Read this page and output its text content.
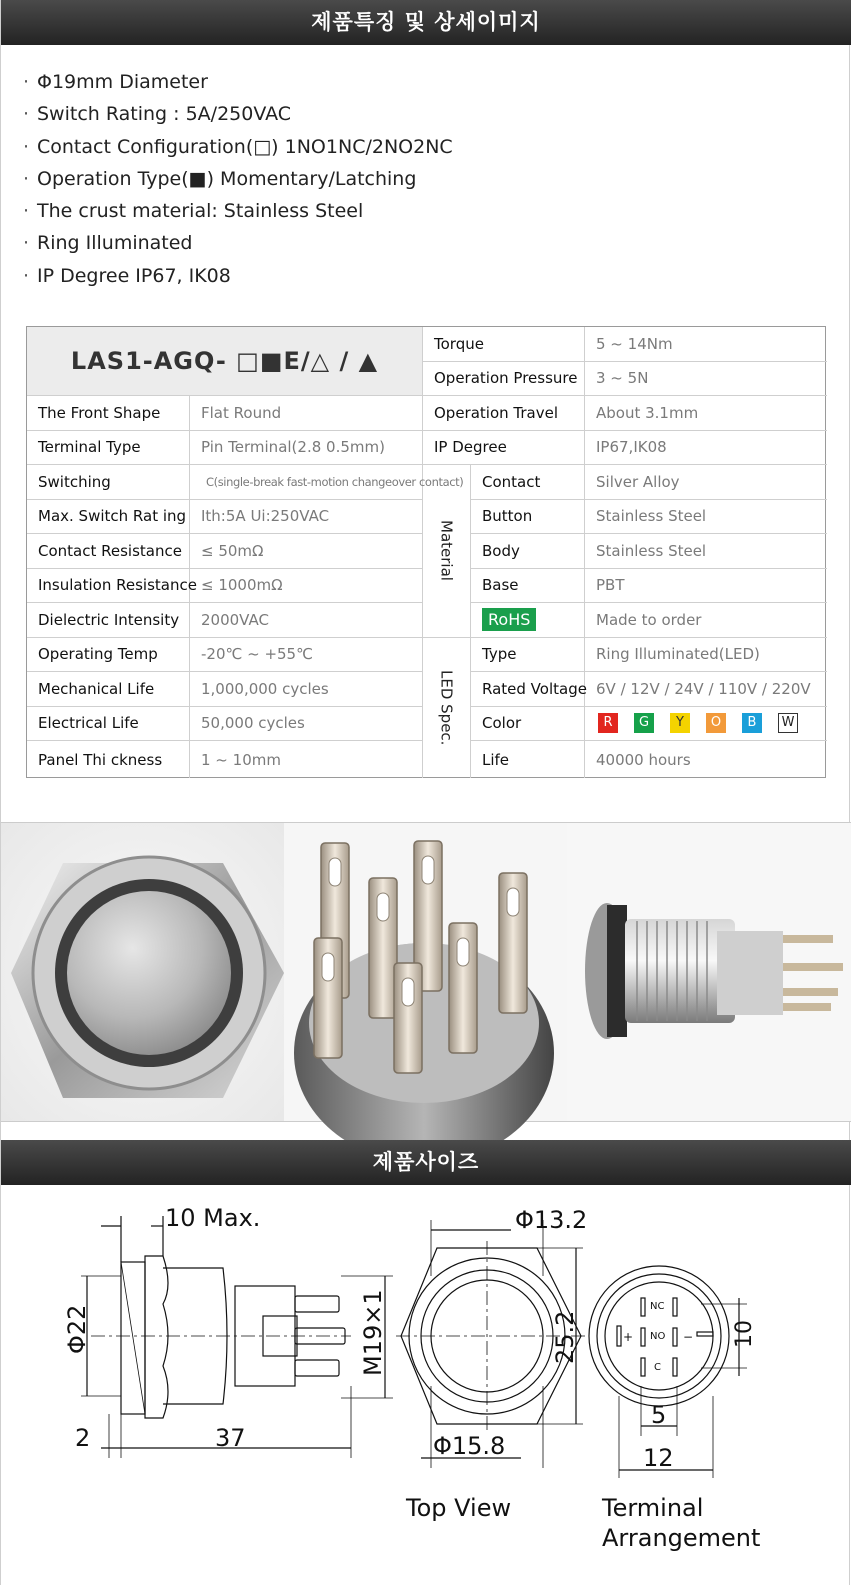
제품특징 및 상세이미지
· Φ19mm Diameter
· Switch Rating : 5A/250VAC
· Contact Configuration(□) 1NO1NC/2NO2NC
· Operation Type(■) Momentary/Latching
· The crust material: Stainless Steel
· Ring Illuminated
· IP Degree IP67, IK08
LAS1-AGQ- □■E/△ / ▲
Torque	5 ~ 14Nm
Operation Pressure	3 ~ 5N
Operation Travel	About 3.1mm
IP Degree	IP67,IK08
The Front Shape	Flat Round
Terminal Type	Pin Terminal(2.8 0.5mm)
Switching	C(single-break fast-motion changeover contact)
Max. Switch Rat ing Ith:5A Ui:250VAC
Contact Resistance	≤ 50mΩ
Insulation Resistance ≤ 1000mΩ
Dielectric Intensity	2000VAC
Operating Temp	-20℃ ~ +55℃
Mechanical Life	1,000,000 cycles
Electrical Life	50,000 cycles
Panel Thi ckness	1 ~ 10mm
Material
Contact	Silver Alloy
Button	Stainless Steel
Body	Stainless Steel
Base	PBT
RoHS	Made to order
LED Spec.
Type	Ring Illuminated(LED)
Rated Voltage 6V / 12V / 24V / 110V / 220V
Color	R	G	Y	O	B	W
Life	40000 hours
제품사이즈
10 Max.
Φ22	M19×1
2	37
Φ13.2
25.2
Φ15.8
Top View
NC
NO
C
+	− 10
5
12
Terminal
Arrangement
